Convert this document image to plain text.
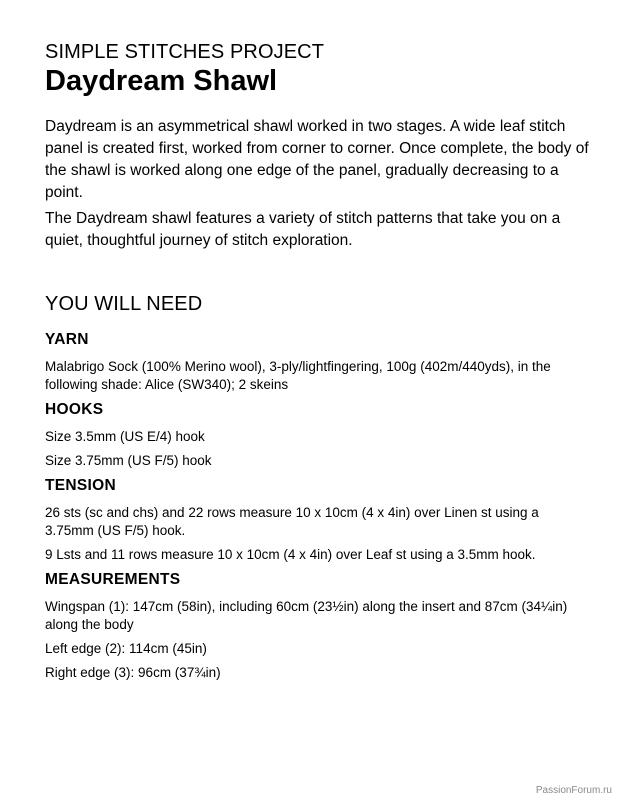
SIMPLE STITCHES PROJECT
Daydream Shawl

Daydream is an asymmetrical shawl worked in two stages. A wide leaf stitch panel is created first, worked from corner to corner. Once complete, the body of the shawl is worked along one edge of the panel, gradually decreasing to a point.

The Daydream shawl features a variety of stitch patterns that take you on a quiet, thoughtful journey of stitch exploration.

YOU WILL NEED
YARN

Malabrigo Sock (100% Merino wool), 3-ply/lightfingering, 100g (402m/440yds), in the following shade: Alice (SW340); 2 skeins

HOOKS

Size 3.5mm (US E/4) hook

Size 3.75mm (US F/5) hook

TENSION

26 sts (sc and chs) and 22 rows measure 10 x 10cm (4 x 4in) over Linen st using a 3.75mm (US F/5) hook.

9 Lsts and 11 rows measure 10 x 10cm (4 x 4in) over Leaf st using a 3.5mm hook.

MEASUREMENTS

Wingspan (1): 147cm (58in), including 60cm (23½in) along the insert and 87cm (34¼in) along the body

Left edge (2): 114cm (45in)

Right edge (3): 96cm (37¾in)

PassionForum.ru
